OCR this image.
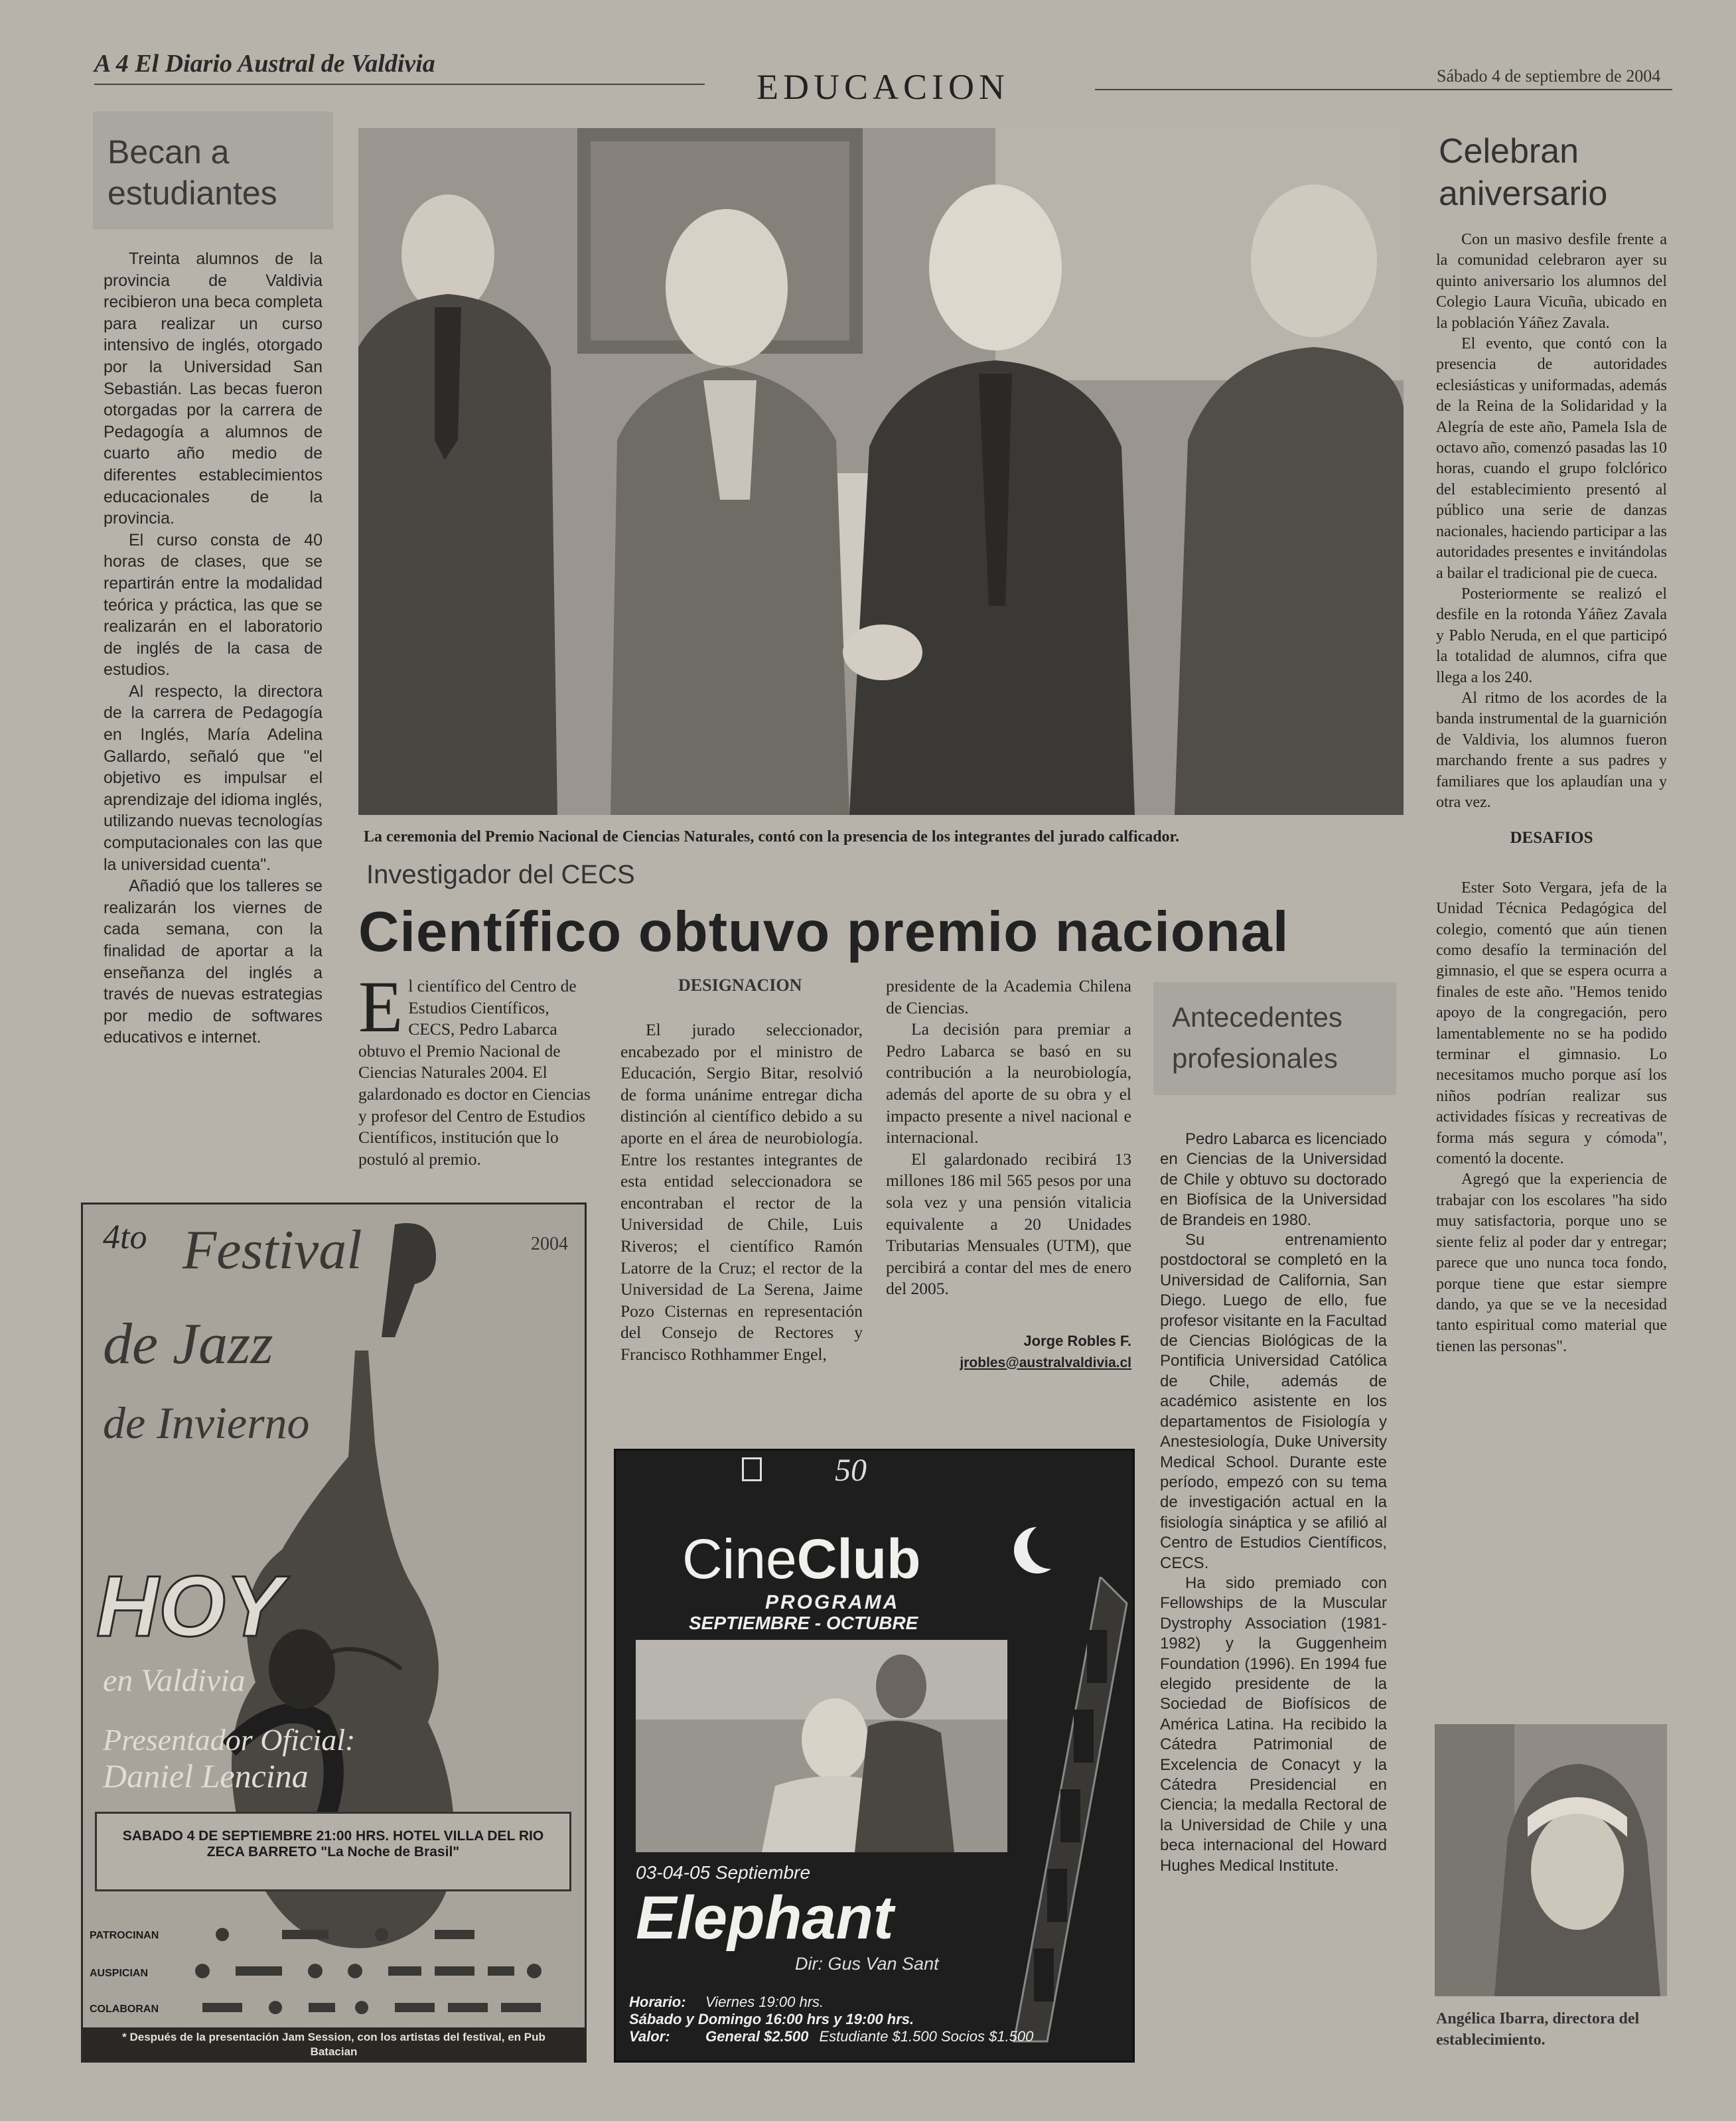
A 4 El Diario Austral de Valdivia
EDUCACION	Sábado 4 de septiembre de 2004
Becan a estudiantes

Treinta alumnos de la provincia de Valdivia recibieron una beca completa para realizar un curso intensivo de inglés, otorgado por la Universidad San Sebastián. Las becas fueron otorgadas por la carrera de Pedagogía a alumnos de cuarto año medio de diferentes establecimientos educacionales de la provincia.

El curso consta de 40 horas de clases, que se repartirán entre la modalidad teórica y práctica, las que se realizarán en el laboratorio de inglés de la casa de estudios.

Al respecto, la directora de la carrera de Pedagogía en Inglés, María Adelina Gallardo, señaló que "el objetivo es impulsar el aprendizaje del idioma inglés, utilizando nuevas tecnologías computacionales con las que la universidad cuenta".

Añadió que los talleres se realizarán los viernes de cada semana, con la finalidad de aportar a la enseñanza del inglés a través de nuevas estrategias por medio de softwares educativos e internet.

La ceremonia del Premio Nacional de Ciencias Naturales, contó con la presencia de los integrantes del jurado calficador.
Investigador del CECS
Científico obtuvo premio nacional
E l científico del Centro de Estudios Científicos, CECS, Pedro Labarca obtuvo el Premio Nacional de Ciencias Naturales 2004. El galardonado es doctor en Ciencias y profesor del Centro de Estudios Científicos, institución que lo postuló al premio.
DESIGNACION

El jurado seleccionador, encabezado por el ministro de Educación, Sergio Bitar, resolvió de forma unánime entregar dicha distinción al científico debido a su aporte en el área de neurobiología. Entre los restantes integrantes de esta entidad seleccionadora se encontraban el rector de la Universidad de Chile, Luis Riveros; el científico Ramón Latorre de la Cruz; el rector de la Universidad de La Serena, Jaime Pozo Cisternas en representación del Consejo de Rectores y Francisco Rothhammer Engel,

presidente de la Academia Chilena de Ciencias.

La decisión para premiar a Pedro Labarca se basó en su contribución a la neurobiología, además del aporte de su obra y el impacto presente a nivel nacional e internacional.

El galardonado recibirá 13 millones 186 mil 565 pesos por una sola vez y una pensión vitalicia equivalente a 20 Unidades Tributarias Mensuales (UTM), que percibirá a contar del mes de enero del 2005.

Jorge Robles F.
jrobles@australvaldivia.cl
Antecedentes profesionales

Pedro Labarca es licenciado en Ciencias de la Universidad de Chile y obtuvo su doctorado en Biofísica de la Universidad de Brandeis en 1980.

Su entrenamiento postdoctoral se completó en la Universidad de California, San Diego. Luego de ello, fue profesor visitante en la Facultad de Ciencias Biológicas de la Pontificia Universidad Católica de Chile, además de académico asistente en los departamentos de Fisiología y Anestesiología, Duke University Medical School. Durante este período, empezó con su tema de investigación actual en la fisiología sináptica y se afilió al Centro de Estudios Científicos, CECS.

Ha sido premiado con Fellowships de la Muscular Dystrophy Association (1981-1982) y la Guggenheim Foundation (1996). En 1994 fue elegido presidente de la Sociedad de Biofísicos de América Latina. Ha recibido la Cátedra Patrimonial de Excelencia de Conacyt y la Cátedra Presidencial en Ciencia; la medalla Rectoral de la Universidad de Chile y una beca internacional del Howard Hughes Medical Institute.

Celebran aniversario

Con un masivo desfile frente a la comunidad celebraron ayer su quinto aniversario los alumnos del Colegio Laura Vicuña, ubicado en la población Yáñez Zavala.

El evento, que contó con la presencia de autoridades eclesiásticas y uniformadas, además de la Reina de la Solidaridad y la Alegría de este año, Pamela Isla de octavo año, comenzó pasadas las 10 horas, cuando el grupo folclórico del establecimiento presentó al público una serie de danzas nacionales, haciendo participar a las autoridades presentes e invitándolas a bailar el tradicional pie de cueca.

Posteriormente se realizó el desfile en la rotonda Yáñez Zavala y Pablo Neruda, en el que participó la totalidad de alumnos, cifra que llega a los 240.

Al ritmo de los acordes de la banda instrumental de la guarnición de Valdivia, los alumnos fueron marchando frente a sus padres y familiares que los aplaudían una y otra vez.

DESAFIOS

Ester Soto Vergara, jefa de la Unidad Técnica Pedagógica del colegio, comentó que aún tienen como desafío la terminación del gimnasio, el que se espera ocurra a finales de este año. "Hemos tenido apoyo de la congregación, pero lamentablemente no se ha podido terminar el gimnasio. Lo necesitamos mucho porque así los niños podrían realizar sus actividades físicas y recreativas de forma más segura y cómoda", comentó la docente.

Agregó que la experiencia de trabajar con los escolares "ha sido muy satisfactoria, porque uno se siente feliz al poder dar y entregar; parece que uno nunca toca fondo, porque tiene que estar siempre dando, ya que se ve la necesidad tanto espiritual como material que tienen las personas".

Angélica Ibarra, directora del establecimiento.
4to Festival	2004
de Jazz
de Invierno
HOY
en Valdivia
Presentador Oficial:
Daniel Lencina
SABADO 4 DE SEPTIEMBRE 21:00 HRS. HOTEL VILLA DEL RIO
ZECA BARRETO "La Noche de Brasil"
PATROCINAN
AUSPICIAN
COLABORAN
* Después de la presentación Jam Session, con los artistas del festival, en Pub Batacian
50
CineClub
PROGRAMA
SEPTIEMBRE - OCTUBRE
03-04-05 Septiembre
Elephant
Dir: Gus Van Sant
Horario: Viernes 19:00 hrs.
Sábado y Domingo 16:00 hrs y 19:00 hrs.
Valor: General $2.500 Estudiante $1.500 Socios $1.500
